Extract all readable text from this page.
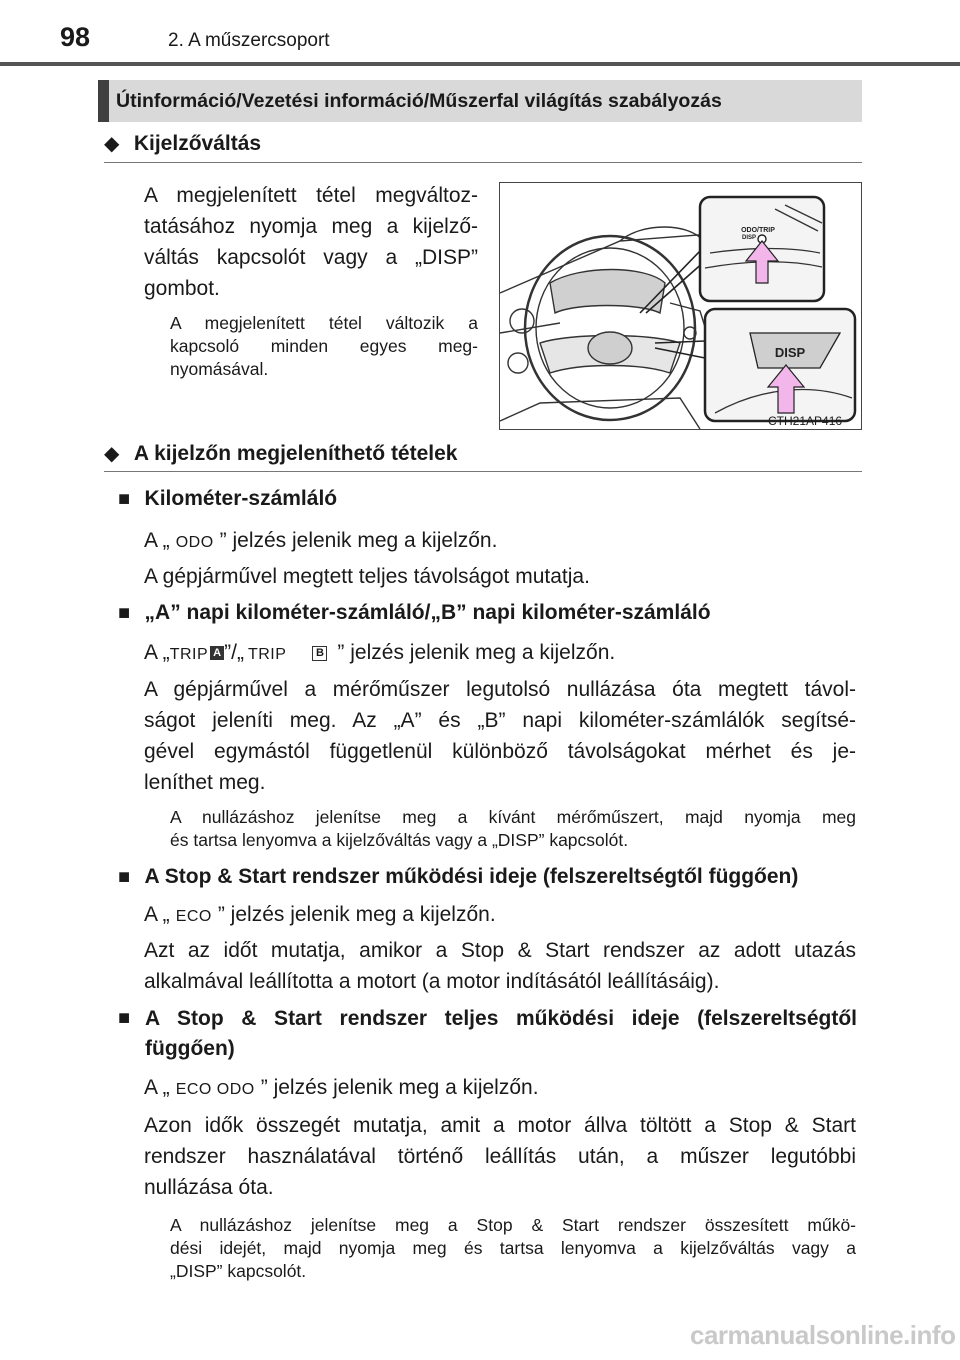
98	2. A műszercsoport
Útinformáció/Vezetési információ/Műszerfal világítás szabályozás
◆ Kijelzőváltás
A megjelenített tétel megváltoz-
tatásához nyomja meg a kijelző-
váltás kapcsolót vagy a „DISP”
gombot.
A megjelenített tétel változik a
kapcsoló minden egyes meg-
nyomásával.
ODO/TRIP
DISP
DISP
CTH21AP416
◆ A kijelzőn megjeleníthető tételek
■ Kilométer-számláló
A „ ODO ” jelzés jelenik meg a kijelzőn.
A gépjárművel megtett teljes távolságot mutatja.
■ „A” napi kilométer-számláló/„B” napi kilométer-számláló
A „TRIP A ”/„ TRIP	B ” jelzés jelenik meg a kijelzőn.
A gépjárművel a mérőműszer legutolsó nullázása óta megtett távol-
ságot jeleníti meg. Az „A” és „B” napi kilométer-számlálók segítsé-
gével egymástól függetlenül különböző távolságokat mérhet és je-
leníthet meg.
A nullázáshoz jelenítse meg a kívánt mérőműszert, majd nyomja meg
és tartsa lenyomva a kijelzőváltás vagy a „DISP” kapcsolót.
■ A Stop & Start rendszer működési ideje (felszereltségtől függően)
A „ ECO ” jelzés jelenik meg a kijelzőn.
Azt az időt mutatja, amikor a Stop & Start rendszer az adott utazás
alkalmával leállította a motort (a motor indításától leállításáig).
■ A Stop & Start rendszer teljes működési ideje (felszereltségtől
függően)
A „ ECO ODO ” jelzés jelenik meg a kijelzőn.
Azon idők összegét mutatja, amit a motor állva töltött a Stop & Start
rendszer használatával történő leállítás után, a műszer legutóbbi
nullázása óta.
A nullázáshoz jelenítse meg a Stop & Start rendszer összesített műkö-
dési idejét, majd nyomja meg és tartsa lenyomva a kijelzőváltás vagy a
„DISP” kapcsolót.
carmanualsonline.info
